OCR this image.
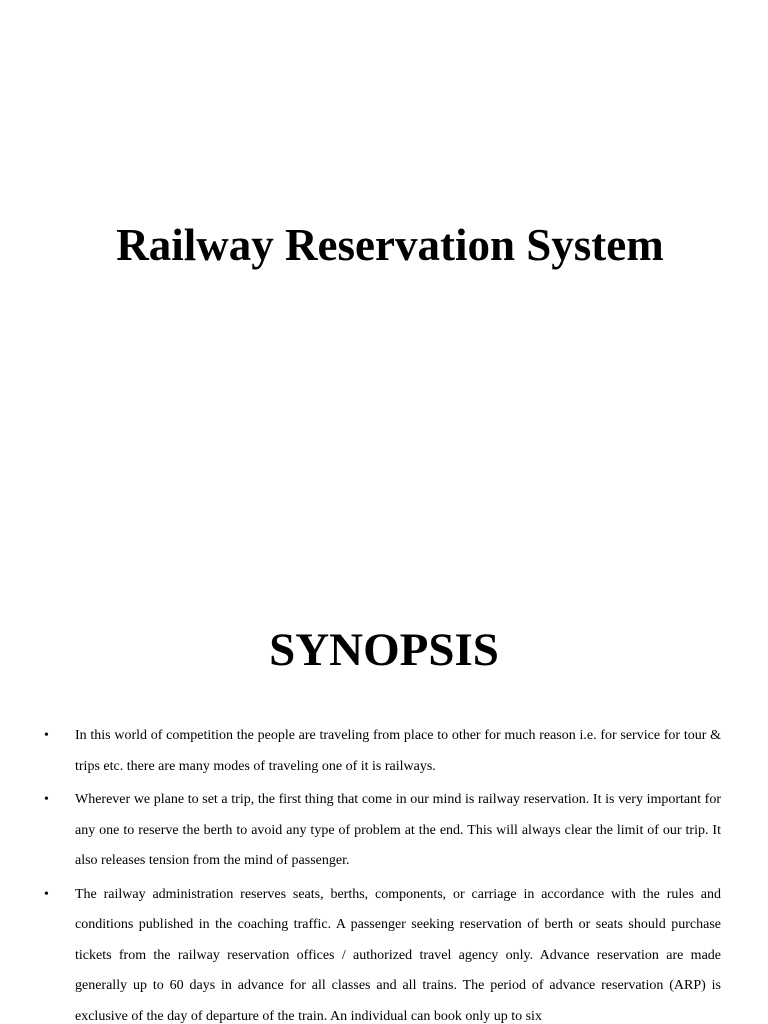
Railway Reservation System
SYNOPSIS
• In this world of competition the people are traveling from place to other for much reason i.e. for service for tour & trips etc. there are many modes of traveling one of it is railways.
• Wherever we plane to set a trip, the first thing that come in our mind is railway reservation. It is very important for any one to reserve the berth to avoid any type of problem at the end. This will always clear the limit of our trip. It also releases tension from the mind of passenger.
• The railway administration reserves seats, berths, components, or carriage in accordance with the rules and conditions published in the coaching traffic. A passenger seeking reservation of berth or seats should purchase tickets from the railway reservation offices / authorized travel agency only. Advance reservation are made generally up to 60 days in advance for all classes and all trains. The period of advance reservation (ARP) is exclusive of the day of departure of the train. An individual can book only up to six
